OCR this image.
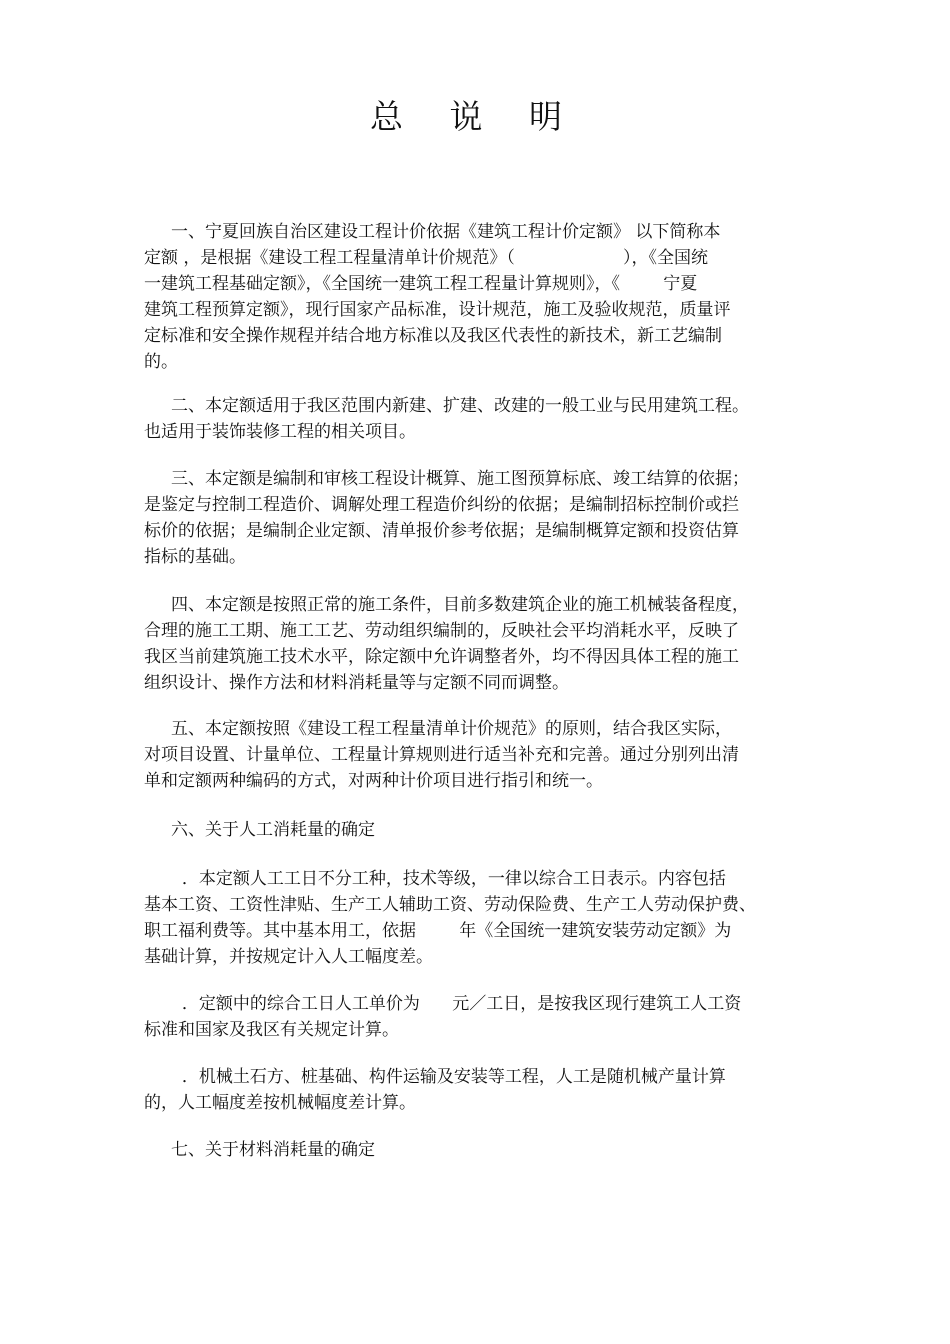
总 说 明

一、宁夏回族自治区建设工程计价依据《建筑工程计价定额》 以下简称本
定额 ，是根据《建设工程工程量清单计价规范》（                    ），《全国统
一建筑工程基础定额》，《全国统一建筑工程工程量计算规则》，《        宁夏
建筑工程预算定额》，现行国家产品标准，设计规范，施工及验收规范，质量评
定标准和安全操作规程并结合地方标准以及我区代表性的新技术，新工艺编制
的。

二、本定额适用于我区范围内新建、扩建、改建的一般工业与民用建筑工程。
也适用于装饰装修工程的相关项目。

三、本定额是编制和审核工程设计概算、施工图预算标底、竣工结算的依据；
是鉴定与控制工程造价、调解处理工程造价纠纷的依据；是编制招标控制价或拦
标价的依据；是编制企业定额、清单报价参考依据；是编制概算定额和投资估算
指标的基础。

四、本定额是按照正常的施工条件，目前多数建筑企业的施工机械装备程度，
合理的施工工期、施工工艺、劳动组织编制的，反映社会平均消耗水平，反映了
我区当前建筑施工技术水平，除定额中允许调整者外，均不得因具体工程的施工
组织设计、操作方法和材料消耗量等与定额不同而调整。

五、本定额按照《建设工程工程量清单计价规范》的原则，结合我区实际，
对项目设置、计量单位、工程量计算规则进行适当补充和完善。通过分别列出清
单和定额两种编码的方式，对两种计价项目进行指引和统一。

六、关于人工消耗量的确定

．本定额人工工日不分工种，技术等级，一律以综合工日表示。内容包括
基本工资、工资性津贴、生产工人辅助工资、劳动保险费、生产工人劳动保护费、
职工福利费等。其中基本用工，依据        年《全国统一建筑安装劳动定额》为
基础计算，并按规定计入人工幅度差。

．定额中的综合工日人工单价为      元／工日，是按我区现行建筑工人工资
标准和国家及我区有关规定计算。

．机械土石方、桩基础、构件运输及安装等工程，人工是随机械产量计算
的，人工幅度差按机械幅度差计算。

七、关于材料消耗量的确定
